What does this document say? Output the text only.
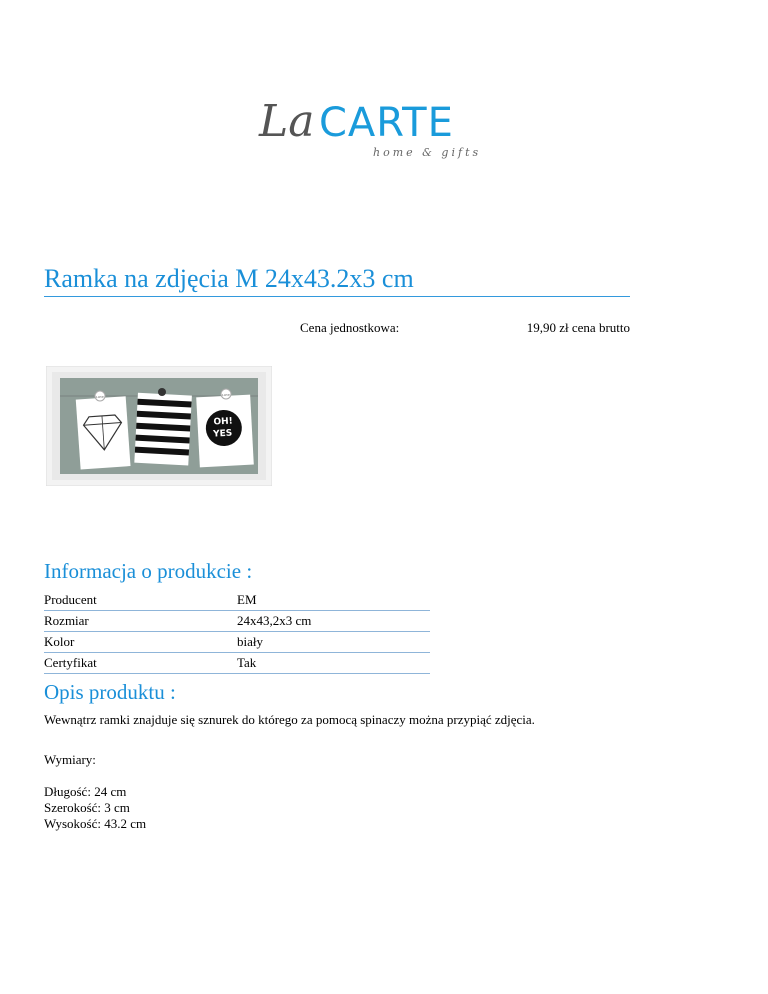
La CARTE
home & gifts
Ramka na zdjęcia M 24x43.2x3 cm
Cena jednostkowa:	19,90 zł cena brutto
LOVE
OH!
YES
LOVE
Informacja o produkcie :
Producent	EM
Rozmiar	24x43,2x3 cm
Kolor	biały
Certyfikat	Tak
Opis produktu :
Wewnątrz ramki znajduje się sznurek do którego za pomocą spinaczy można przypiąć zdjęcia.
Wymiary:
Długość: 24 cm
Szerokość: 3 cm
Wysokość: 43.2 cm
